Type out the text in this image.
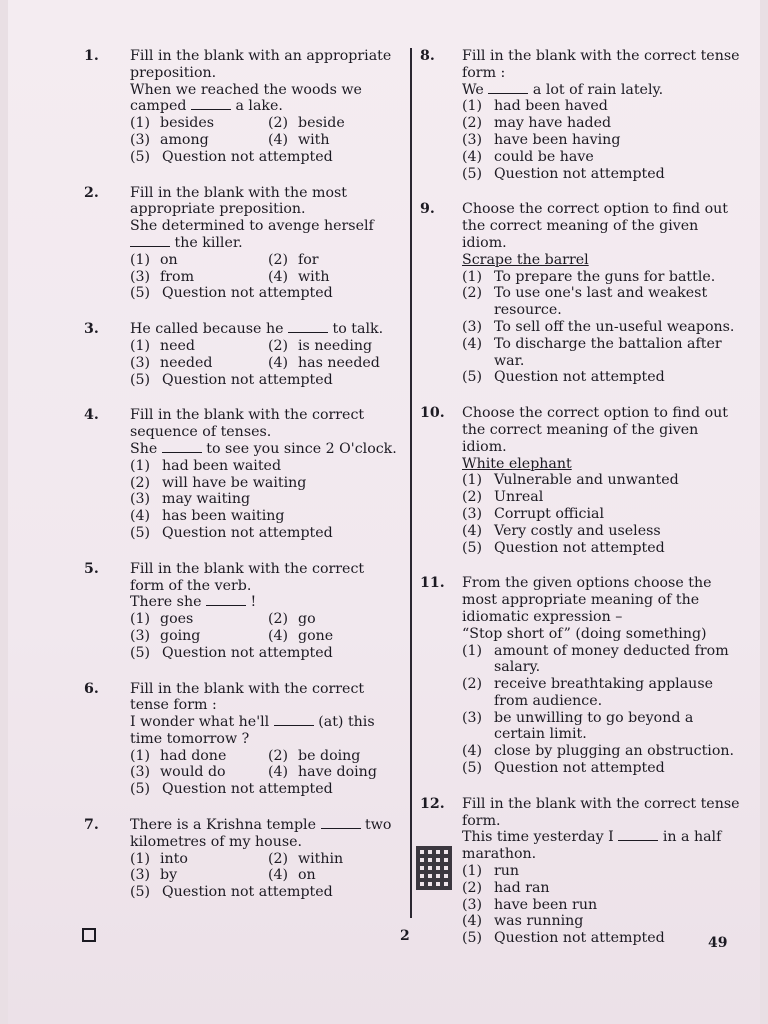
1. Fill in the blank with an appropriate preposition.

When we reached the woods we camped	a lake.

(1) besides	(2) beside
(3) among	(4) with
(5) Question not attempted
2. Fill in the blank with the most appropriate preposition.

She determined to avenge herself

the killer.

(1) on	(2) for
(3) from	(4) with
(5) Question not attempted
3. He called because he	to talk.

(1) need	(2) is needing
(3) needed	(4) has needed
(5) Question not attempted
4. Fill in the blank with the correct sequence of tenses.

She	to see you since 2 O'clock.

(1) had been waited
(2) will have be waiting
(3) may waiting
(4) has been waiting
(5) Question not attempted
5. Fill in the blank with the correct form of the verb.

There she	!

(1) goes	(2) go
(3) going	(4) gone
(5) Question not attempted
6. Fill in the blank with the correct tense form :

I wonder what he'll	(at) this time tomorrow ?

(1) had done	(2) be doing
(3) would do	(4) have doing
(5) Question not attempted
7. There is a Krishna temple	two kilometres of my house.

(1) into	(2) within
(3) by	(4) on
(5) Question not attempted
8. Fill in the blank with the correct tense form :

We	a lot of rain lately.

(1) had been haved
(2) may have haded
(3) have been having
(4) could be have
(5) Question not attempted
9. Choose the correct option to find out the correct meaning of the given idiom.

Scrape the barrel

(1) To prepare the guns for battle.
(2) To use one's last and weakest resource.
(3) To sell off the un-useful weapons.
(4) To discharge the battalion after war.
(5) Question not attempted
10. Choose the correct option to find out the correct meaning of the given idiom.

White elephant

(1) Vulnerable and unwanted
(2) Unreal
(3) Corrupt official
(4) Very costly and useless
(5) Question not attempted
11. From the given options choose the most appropriate meaning of the idiomatic expression –

“Stop short of” (doing something)

(1) amount of money deducted from salary.
(2) receive breathtaking applause from audience.
(3) be unwilling to go beyond a certain limit.
(4) close by plugging an obstruction.
(5) Question not attempted
12. Fill in the blank with the correct tense form.

This time yesterday I	in a half marathon.

(1) run
(2) had ran
(3) have been run
(4) was running
(5) Question not attempted
2	49
